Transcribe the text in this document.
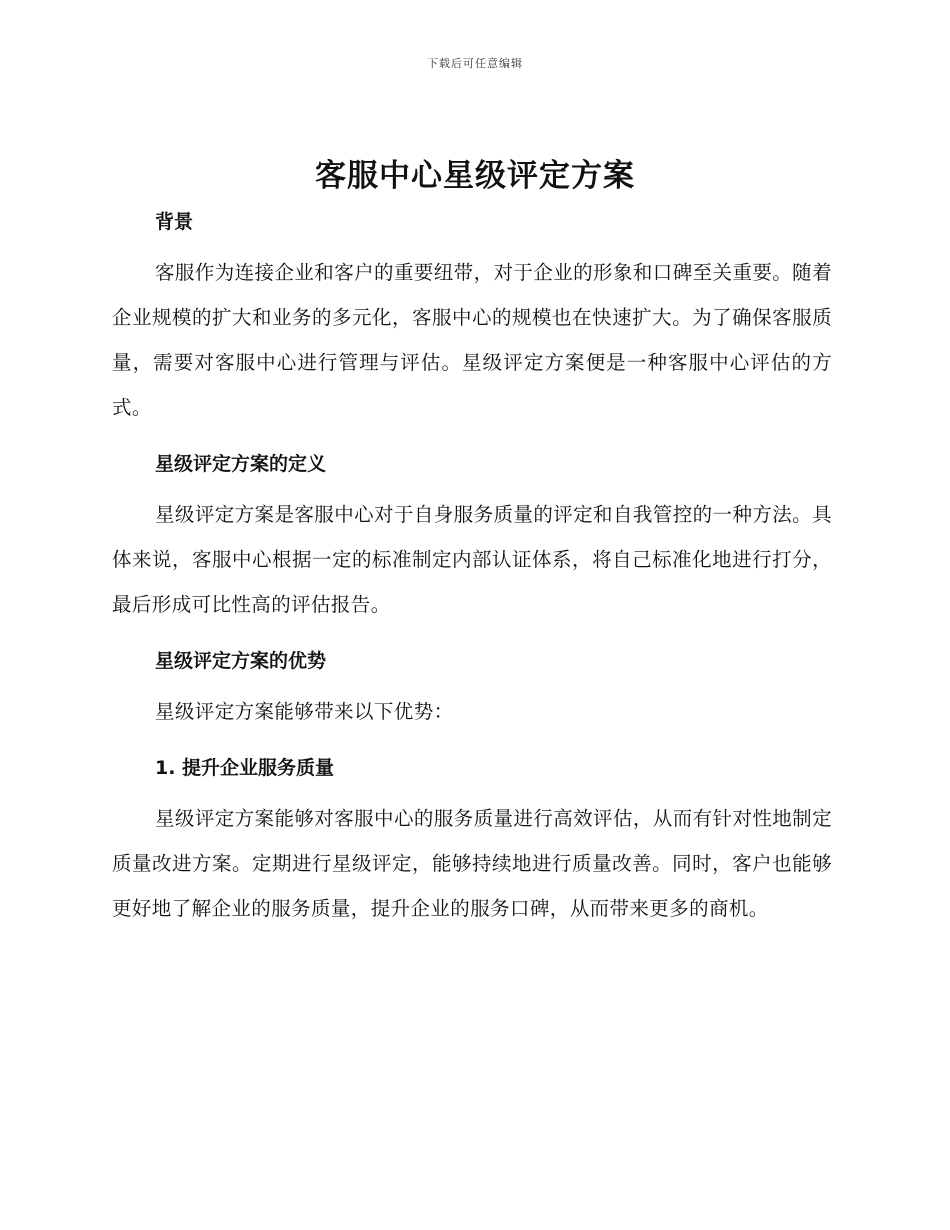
下载后可任意编辑
客服中心星级评定方案
背景

客服作为连接企业和客户的重要纽带，对于企业的形象和口碑至关重要。随着企业规模的扩大和业务的多元化，客服中心的规模也在快速扩大。为了确保客服质量，需要对客服中心进行管理与评估。星级评定方案便是一种客服中心评估的方式。

星级评定方案的定义

星级评定方案是客服中心对于自身服务质量的评定和自我管控的一种方法。具体来说，客服中心根据一定的标准制定内部认证体系，将自己标准化地进行打分，最后形成可比性高的评估报告。

星级评定方案的优势

星级评定方案能够带来以下优势：

1. 提升企业服务质量

星级评定方案能够对客服中心的服务质量进行高效评估，从而有针对性地制定质量改进方案。定期进行星级评定，能够持续地进行质量改善。同时，客户也能够更好地了解企业的服务质量，提升企业的服务口碑，从而带来更多的商机。
